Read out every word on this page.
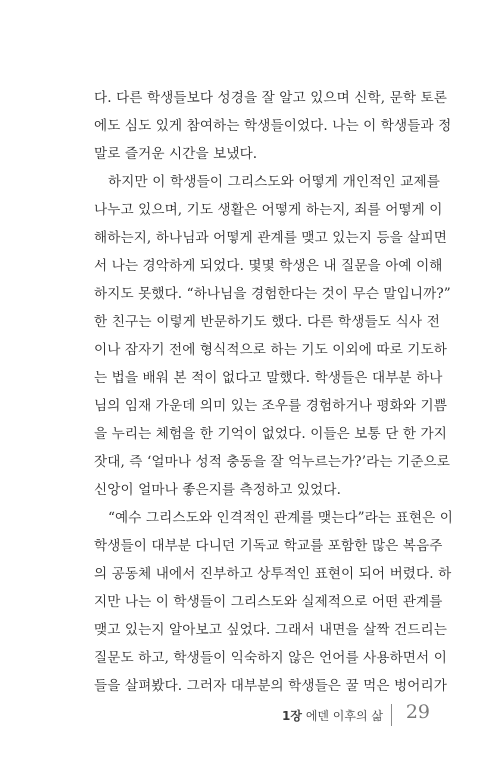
다. 다른 학생들보다 성경을 잘 알고 있으며 신학, 문학 토론
에도 심도 있게 참여하는 학생들이었다. 나는 이 학생들과 정
말로 즐거운 시간을 보냈다.
하지만 이 학생들이 그리스도와 어떻게 개인적인 교제를
나누고 있으며, 기도 생활은 어떻게 하는지, 죄를 어떻게 이
해하는지, 하나님과 어떻게 관계를 맺고 있는지 등을 살피면
서 나는 경악하게 되었다. 몇몇 학생은 내 질문을 아예 이해
하지도 못했다. “하나님을 경험한다는 것이 무슨 말입니까?”
한 친구는 이렇게 반문하기도 했다. 다른 학생들도 식사 전
이나 잠자기 전에 형식적으로 하는 기도 이외에 따로 기도하
는 법을 배워 본 적이 없다고 말했다. 학생들은 대부분 하나
님의 임재 가운데 의미 있는 조우를 경험하거나 평화와 기쁨
을 누리는 체험을 한 기억이 없었다. 이들은 보통 단 한 가지
잣대, 즉 ‘얼마나 성적 충동을 잘 억누르는가?’라는 기준으로
신앙이 얼마나 좋은지를 측정하고 있었다.
“예수 그리스도와 인격적인 관계를 맺는다”라는 표현은 이
학생들이 대부분 다니던 기독교 학교를 포함한 많은 복음주
의 공동체 내에서 진부하고 상투적인 표현이 되어 버렸다. 하
지만 나는 이 학생들이 그리스도와 실제적으로 어떤 관계를
맺고 있는지 알아보고 싶었다. 그래서 내면을 살짝 건드리는
질문도 하고, 학생들이 익숙하지 않은 언어를 사용하면서 이
들을 살펴봤다. 그러자 대부분의 학생들은 꿀 먹은 벙어리가
1장 에덴 이후의 삶 29
